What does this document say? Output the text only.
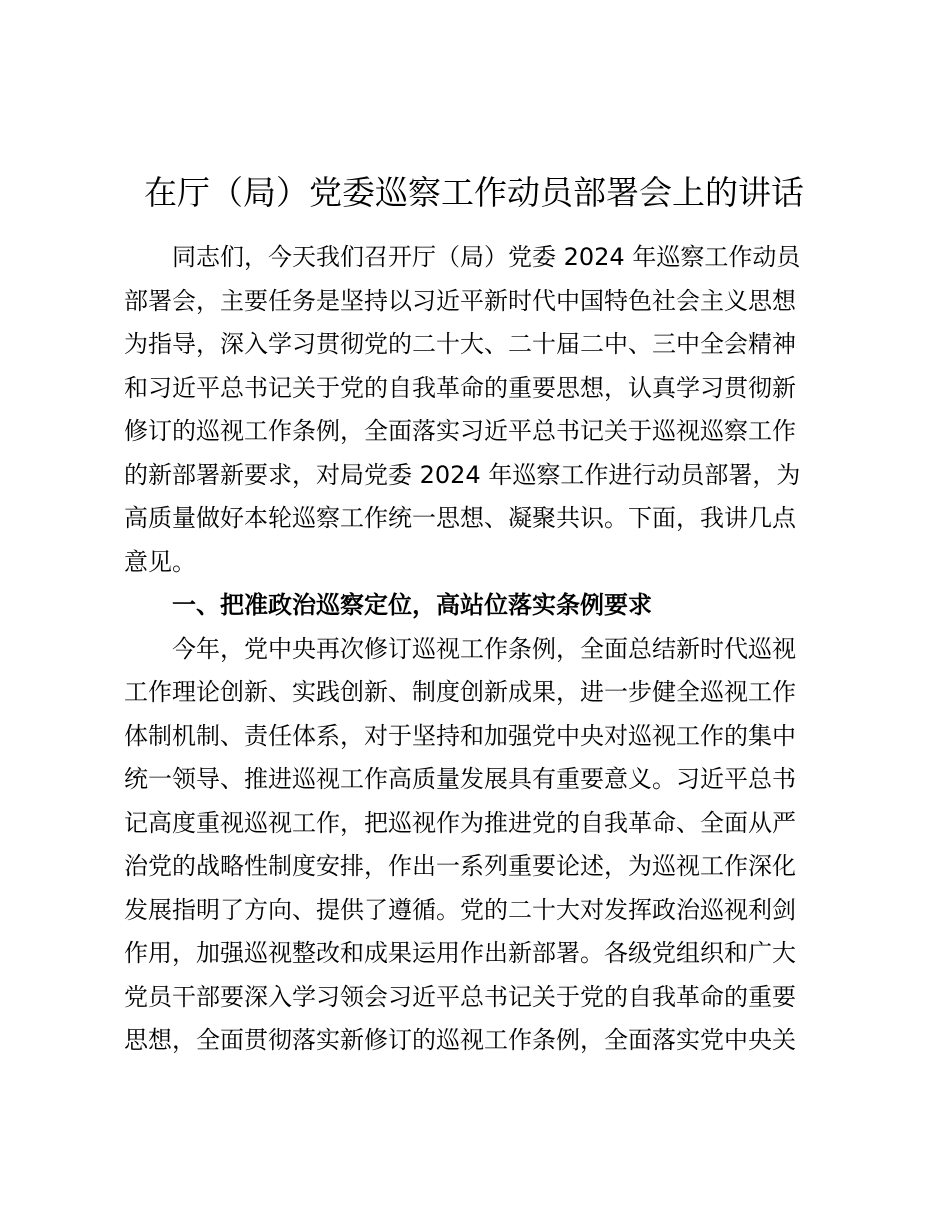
在厅（局）党委巡察工作动员部署会上的讲话
同志们，今天我们召开厅（局）党委 2024 年巡察工作动员
部署会，主要任务是坚持以习近平新时代中国特色社会主义思想
为指导，深入学习贯彻党的二十大、二十届二中、三中全会精神
和习近平总书记关于党的自我革命的重要思想，认真学习贯彻新
修订的巡视工作条例，全面落实习近平总书记关于巡视巡察工作
的新部署新要求，对局党委 2024 年巡察工作进行动员部署，为
高质量做好本轮巡察工作统一思想、凝聚共识。下面，我讲几点
意见。
一、把准政治巡察定位，高站位落实条例要求
今年，党中央再次修订巡视工作条例，全面总结新时代巡视
工作理论创新、实践创新、制度创新成果，进一步健全巡视工作
体制机制、责任体系，对于坚持和加强党中央对巡视工作的集中
统一领导、推进巡视工作高质量发展具有重要意义。习近平总书
记高度重视巡视工作，把巡视作为推进党的自我革命、全面从严
治党的战略性制度安排，作出一系列重要论述，为巡视工作深化
发展指明了方向、提供了遵循。党的二十大对发挥政治巡视利剑
作用，加强巡视整改和成果运用作出新部署。各级党组织和广大
党员干部要深入学习领会习近平总书记关于党的自我革命的重要
思想，全面贯彻落实新修订的巡视工作条例，全面落实党中央关
